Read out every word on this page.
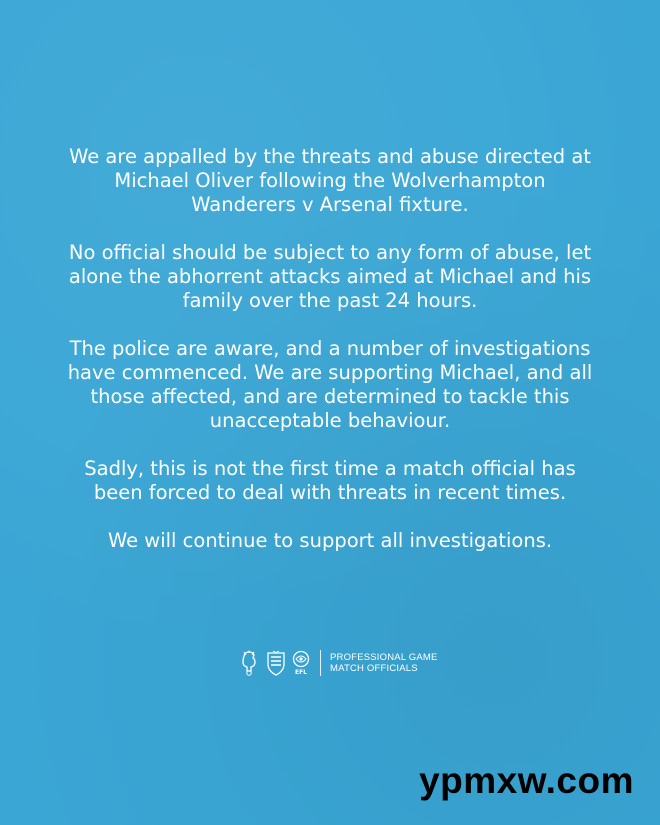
We are appalled by the threats and abuse directed at Michael Oliver following the Wolverhampton Wanderers v Arsenal fixture.

No official should be subject to any form of abuse, let alone the abhorrent attacks aimed at Michael and his family over the past 24 hours.

The police are aware, and a number of investigations have commenced. We are supporting Michael, and all those affected, and are determined to tackle this unacceptable behaviour.

Sadly, this is not the first time a match official has been forced to deal with threats in recent times.

We will continue to support all investigations.

EFL
PROFESSIONAL GAME
MATCH OFFICIALS
ypmxw.com
